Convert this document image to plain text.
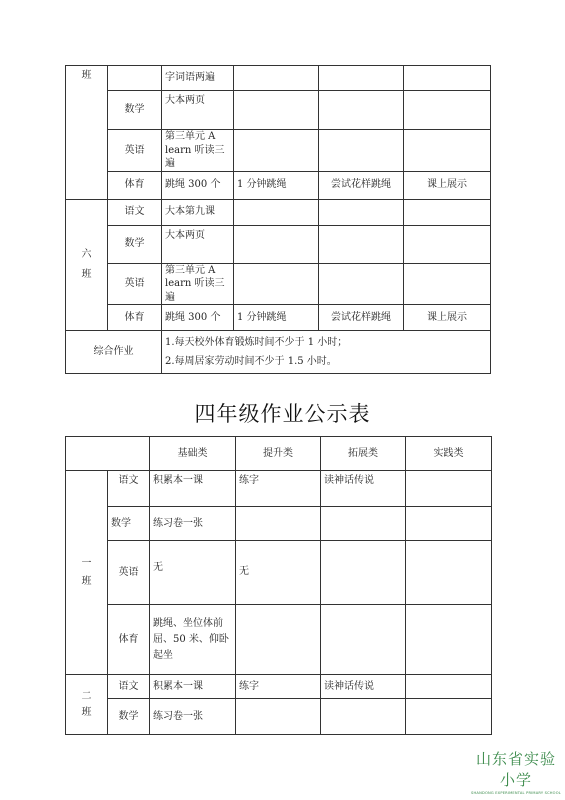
班		字词语两遍			
	数学	大本两页			
	英语	第三单元 A
learn 听读三遍			

	体育	跳绳 300 个	1 分钟跳绳	尝试花样跳绳	课上展示

六
班	语文	大本第九课			
	数学	大本两页			
	英语	第三单元 A
learn 听读三遍			

	体育	跳绳 300 个	1 分钟跳绳	尝试花样跳绳	课上展示
综合作业		1.每天校外体育锻炼时间不少于 1 小时；
2.每周居家劳动时间不少于 1.5 小时。			
四年级作业公示表
		基础类	提升类	拓展类	实践类

一
班	语文	积累本一课	练字	读神话传说	
	数学	练习卷一张			
	英语	无	无		
	体育	跳绳、坐位体前屈、50 米、仰卧起坐			

二
班	语文	积累本一课	练字	读神话传说	
	数学	练习卷一张			
山东省实验小学
SHANDONG EXPERIMENTAL PRIMARY SCHOOL
